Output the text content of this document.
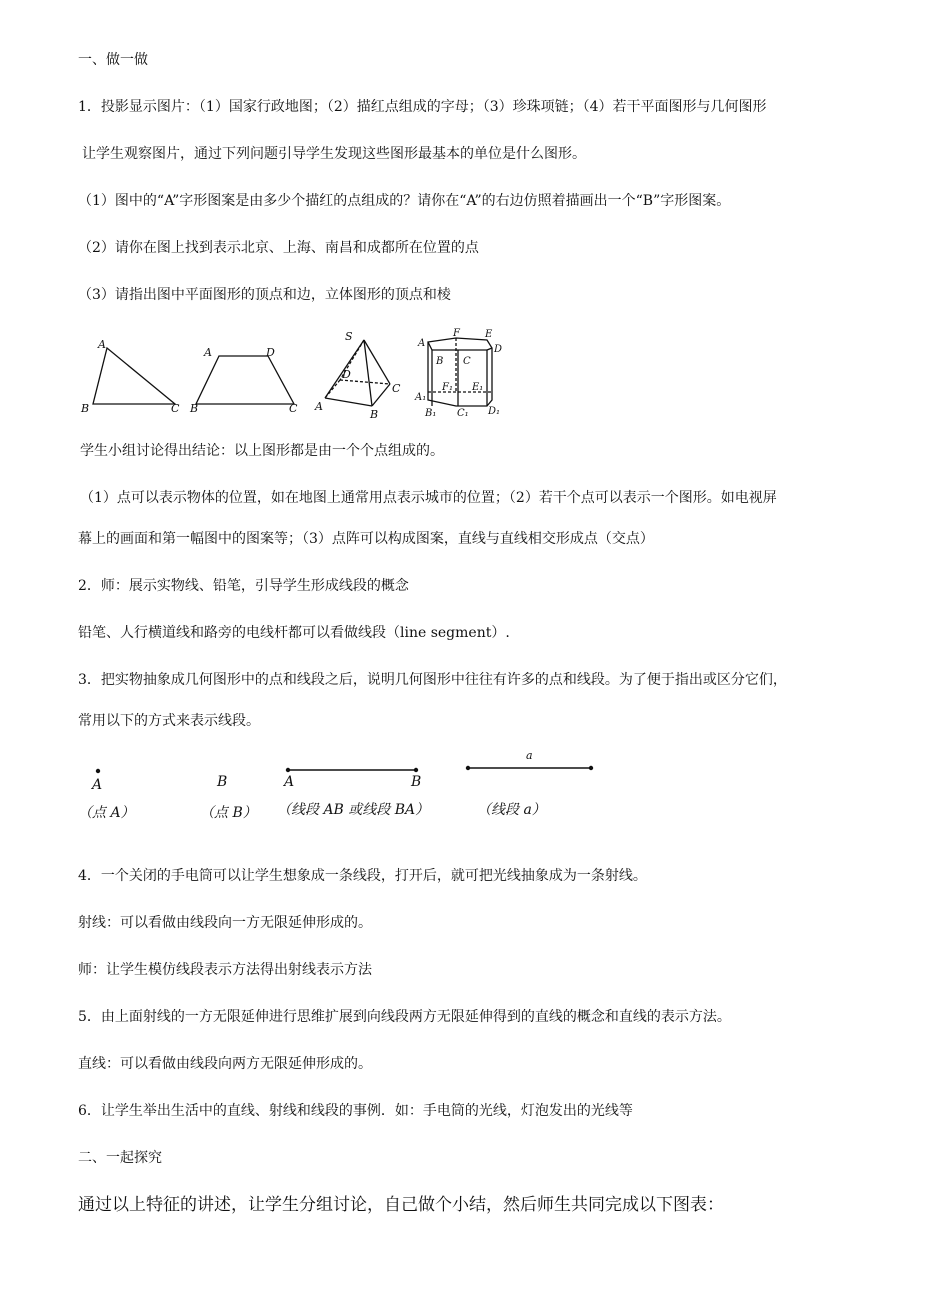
一、做一做
1．投影显示图片：（1）国家行政地图；（2）描红点组成的字母；（3）珍珠项链；（4）若干平面图形与几何图形
让学生观察图片，通过下列问题引导学生发现这些图形最基本的单位是什么图形。
（1）图中的“A”字形图案是由多少个描红的点组成的？请你在“A”的右边仿照着描画出一个“B”字形图案。
（2）请你在图上找到表示北京、上海、南昌和成都所在位置的点
（3）请指出图中平面图形的顶点和边，立体图形的顶点和棱
A
B	C
A	D
B	C
S
D
C
A
B
A
F	E
D
B C
F₁ E₁
A₁
B₁ C₁ D₁
学生小组讨论得出结论：以上图形都是由一个个点组成的。
（1）点可以表示物体的位置，如在地图上通常用点表示城市的位置；（2）若干个点可以表示一个图形。如电视屏
幕上的画面和第一幅图中的图案等；（3）点阵可以构成图案，直线与直线相交形成点（交点）
2．师：展示实物线、铅笔，引导学生形成线段的概念
铅笔、人行横道线和路旁的电线杆都可以看做线段（line segment）.
3．把实物抽象成几何图形中的点和线段之后，说明几何图形中往往有许多的点和线段。为了便于指出或区分它们，
常用以下的方式来表示线段。
A	B	A	B
a
（点 A）	（点 B） （线段 AB 或线段 BA）	（线段 a）
4．一个关闭的手电筒可以让学生想象成一条线段，打开后，就可把光线抽象成为一条射线。
射线：可以看做由线段向一方无限延伸形成的。
师：让学生模仿线段表示方法得出射线表示方法
5．由上面射线的一方无限延伸进行思维扩展到向线段两方无限延伸得到的直线的概念和直线的表示方法。
直线：可以看做由线段向两方无限延伸形成的。
6．让学生举出生活中的直线、射线和线段的事例．如：手电筒的光线，灯泡发出的光线等
二、一起探究
通过以上特征的讲述，让学生分组讨论，自己做个小结，然后师生共同完成以下图表：
